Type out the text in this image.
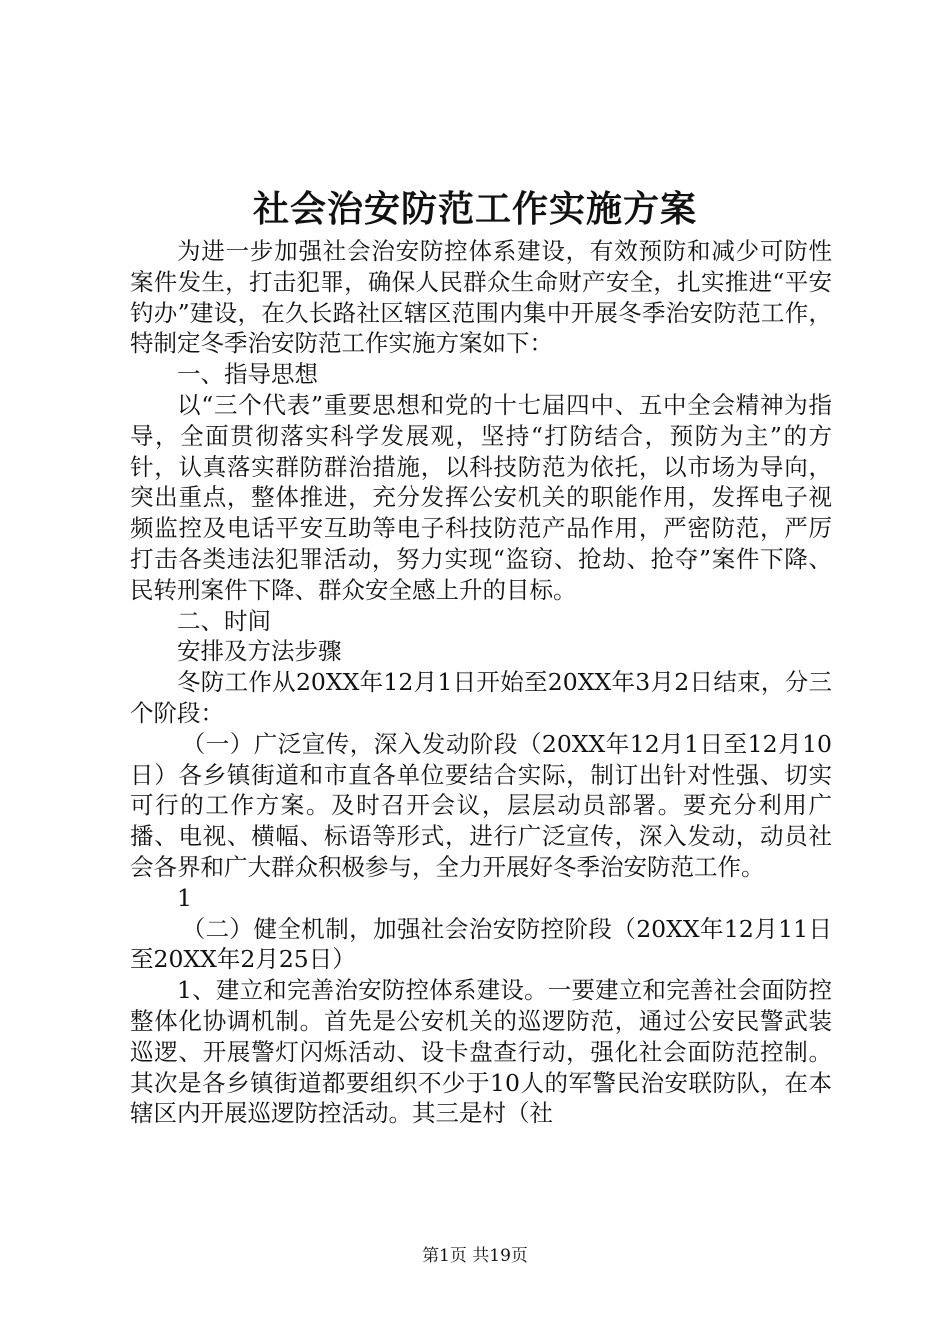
社会治安防范工作实施方案

为进一步加强社会治安防控体系建设，有效预防和减少可防性案件发生，打击犯罪，确保人民群众生命财产安全，扎实推进“平安钓办”建设，在久长路社区辖区范围内集中开展冬季治安防范工作，特制定冬季治安防范工作实施方案如下：

一、指导思想

以“三个代表”重要思想和党的十七届四中、五中全会精神为指导，全面贯彻落实科学发展观，坚持“打防结合，预防为主”的方针，认真落实群防群治措施，以科技防范为依托，以市场为导向，突出重点，整体推进，充分发挥公安机关的职能作用，发挥电子视频监控及电话平安互助等电子科技防范产品作用，严密防范，严厉打击各类违法犯罪活动，努力实现“盗窃、抢劫、抢夺”案件下降、民转刑案件下降、群众安全感上升的目标。

二、时间

安排及方法步骤

冬防工作从20XX年12月1日开始至20XX年3月2日结束，分三个阶段：

（一）广泛宣传，深入发动阶段（20XX年12月1日至12月10日）各乡镇街道和市直各单位要结合实际，制订出针对性强、切实可行的工作方案。及时召开会议，层层动员部署。要充分利用广播、电视、横幅、标语等形式，进行广泛宣传，深入发动，动员社会各界和广大群众积极参与，全力开展好冬季治安防范工作。

1

（二）健全机制，加强社会治安防控阶段（20XX年12月11日至20XX年2月25日）

1、建立和完善治安防控体系建设。一要建立和完善社会面防控整体化协调机制。首先是公安机关的巡逻防范，通过公安民警武装巡逻、开展警灯闪烁活动、设卡盘查行动，强化社会面防范控制。其次是各乡镇街道都要组织不少于10人的军警民治安联防队，在本辖区内开展巡逻防控活动。其三是村（社

第1页 共19页
